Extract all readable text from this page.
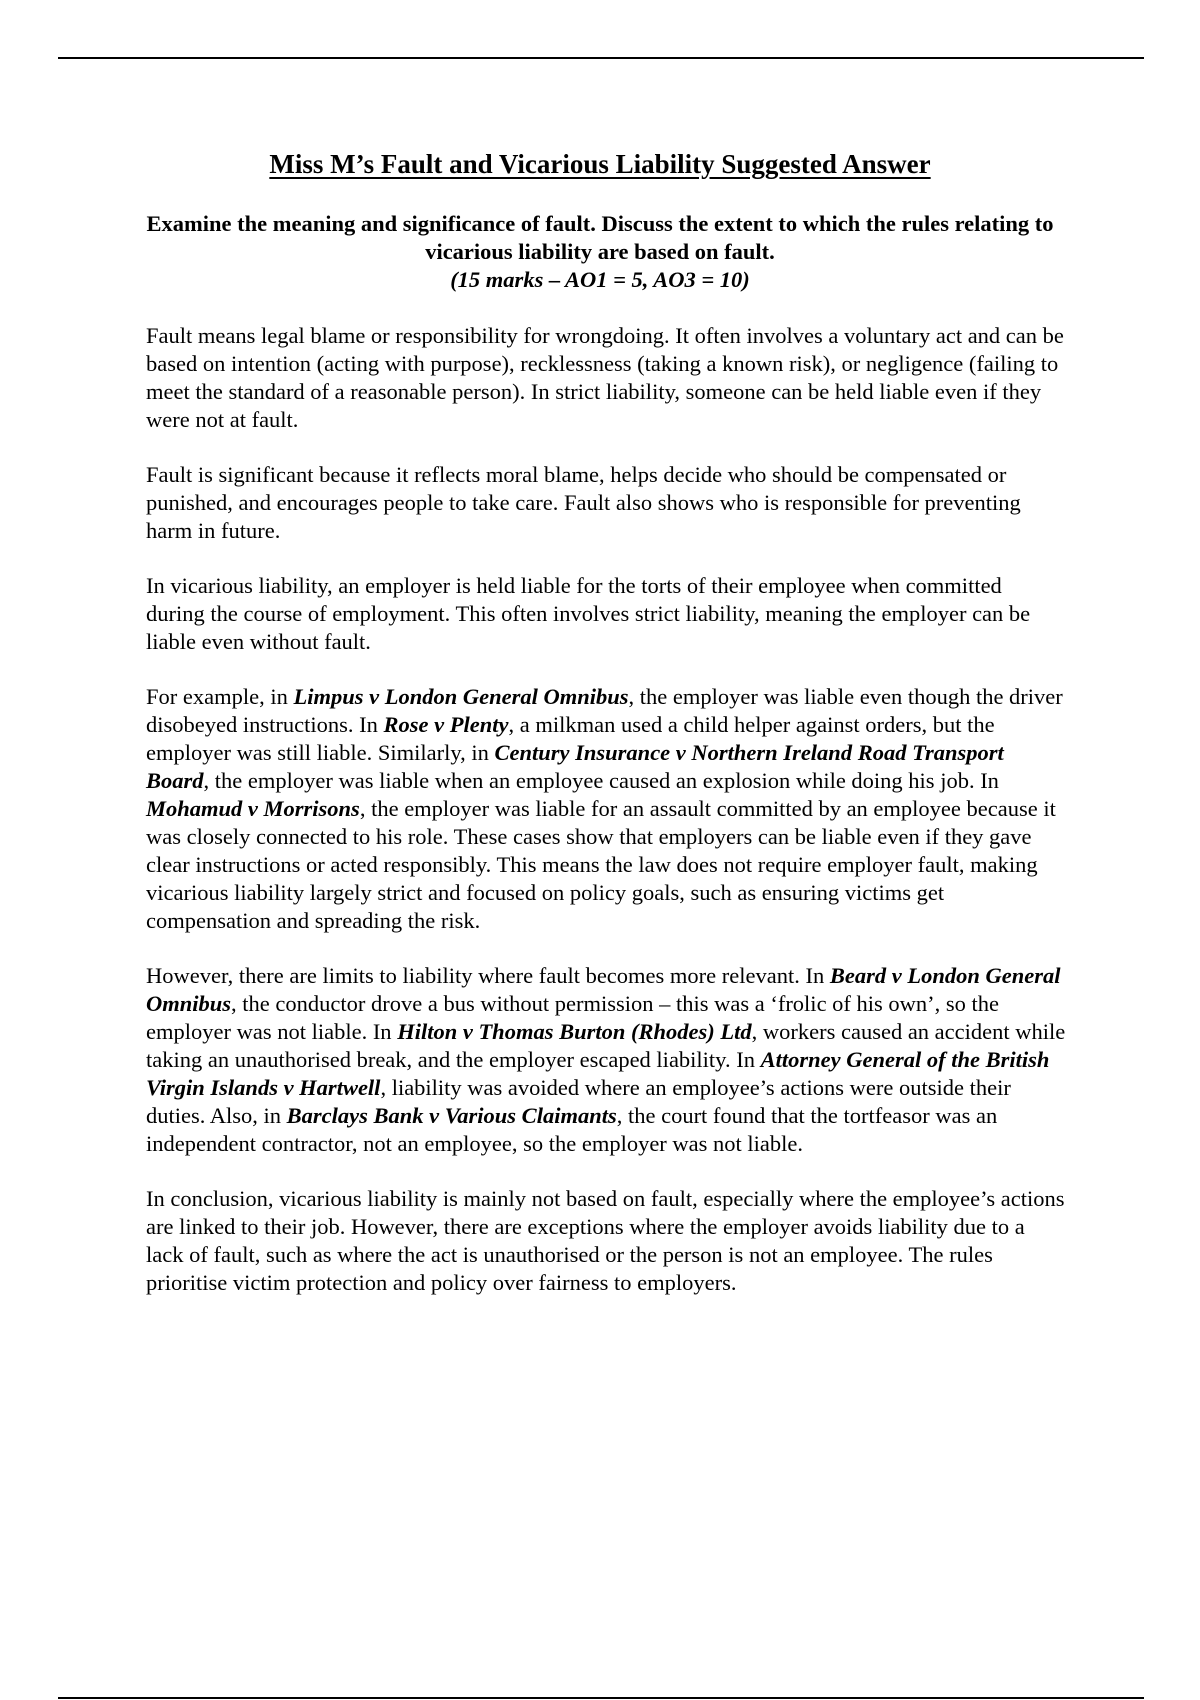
Miss M’s Fault and Vicarious Liability Suggested Answer
Examine the meaning and significance of fault. Discuss the extent to which the rules relating to vicarious liability are based on fault.
(15 marks – AO1 = 5, AO3 = 10)

Fault means legal blame or responsibility for wrongdoing. It often involves a voluntary act and can be based on intention (acting with purpose), recklessness (taking a known risk), or negligence (failing to meet the standard of a reasonable person). In strict liability, someone can be held liable even if they were not at fault.

Fault is significant because it reflects moral blame, helps decide who should be compensated or punished, and encourages people to take care. Fault also shows who is responsible for preventing harm in future.

In vicarious liability, an employer is held liable for the torts of their employee when committed during the course of employment. This often involves strict liability, meaning the employer can be liable even without fault.

For example, in Limpus v London General Omnibus, the employer was liable even though the driver disobeyed instructions. In Rose v Plenty, a milkman used a child helper against orders, but the employer was still liable. Similarly, in Century Insurance v Northern Ireland Road Transport Board, the employer was liable when an employee caused an explosion while doing his job. In Mohamud v Morrisons, the employer was liable for an assault committed by an employee because it was closely connected to his role. These cases show that employers can be liable even if they gave clear instructions or acted responsibly. This means the law does not require employer fault, making vicarious liability largely strict and focused on policy goals, such as ensuring victims get compensation and spreading the risk.

However, there are limits to liability where fault becomes more relevant. In Beard v London General Omnibus, the conductor drove a bus without permission – this was a ‘frolic of his own’, so the employer was not liable. In Hilton v Thomas Burton (Rhodes) Ltd, workers caused an accident while taking an unauthorised break, and the employer escaped liability. In Attorney General of the British Virgin Islands v Hartwell, liability was avoided where an employee’s actions were outside their duties. Also, in Barclays Bank v Various Claimants, the court found that the tortfeasor was an independent contractor, not an employee, so the employer was not liable.

In conclusion, vicarious liability is mainly not based on fault, especially where the employee’s actions are linked to their job. However, there are exceptions where the employer avoids liability due to a lack of fault, such as where the act is unauthorised or the person is not an employee. The rules prioritise victim protection and policy over fairness to employers.
